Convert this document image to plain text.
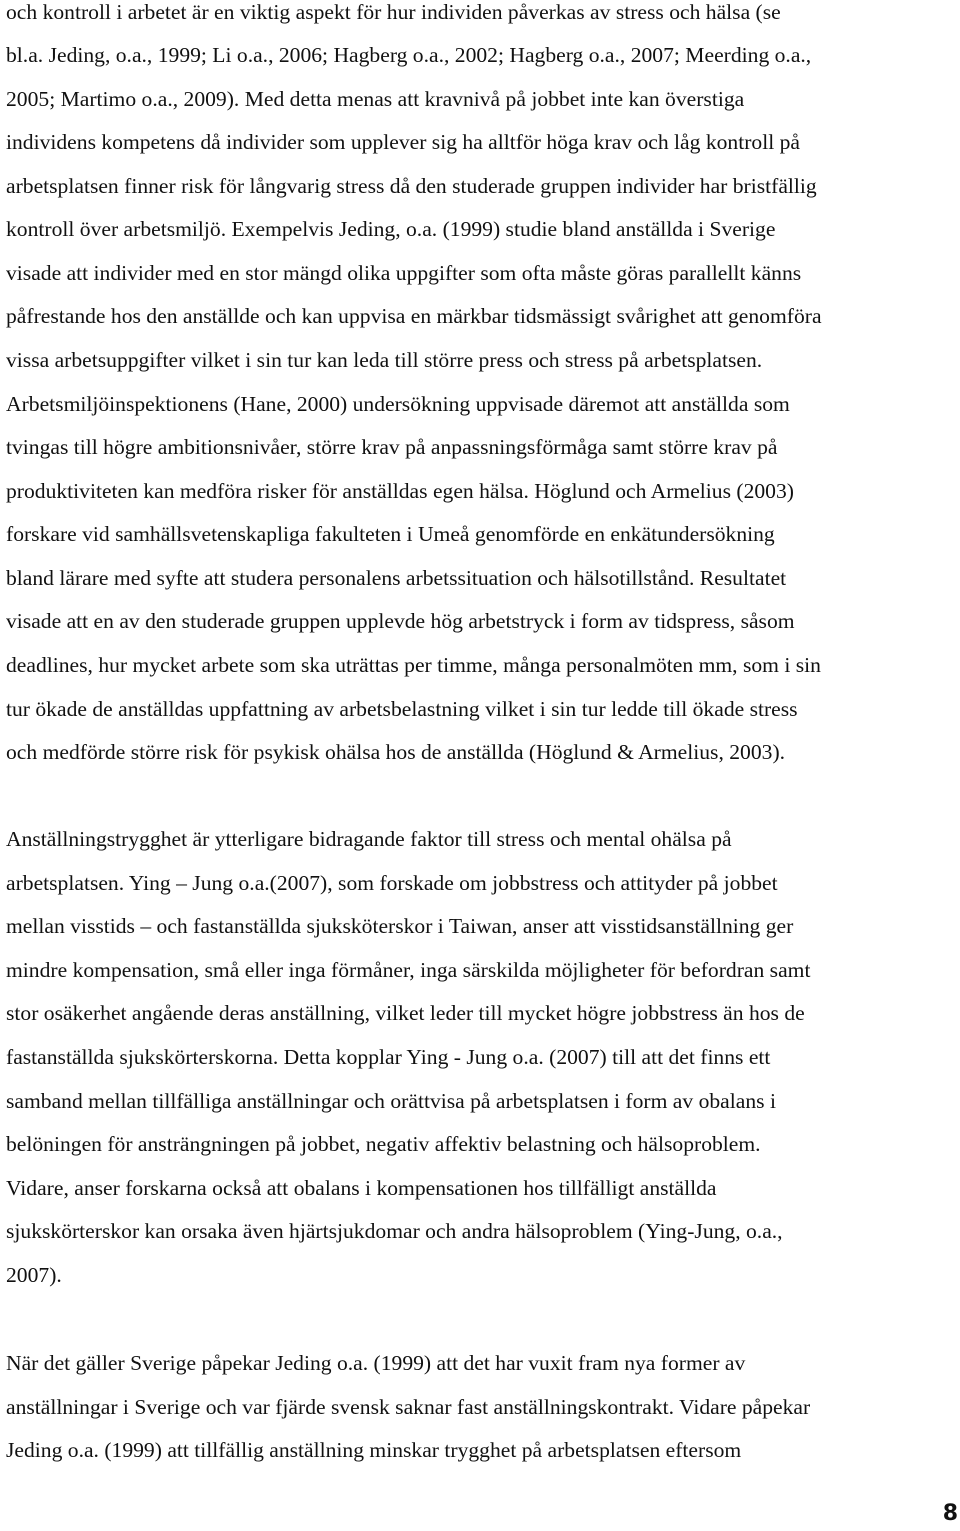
och kontroll i arbetet är en viktig aspekt för hur individen påverkas av stress och hälsa (se
bl.a. Jeding, o.a., 1999; Li o.a., 2006; Hagberg o.a., 2002; Hagberg o.a., 2007; Meerding o.a.,
2005; Martimo o.a., 2009). Med detta menas att kravnivå på jobbet inte kan överstiga
individens kompetens då individer som upplever sig ha alltför höga krav och låg kontroll på
arbetsplatsen finner risk för långvarig stress då den studerade gruppen individer har bristfällig
kontroll över arbetsmiljö. Exempelvis Jeding, o.a. (1999) studie bland anställda i Sverige
visade att individer med en stor mängd olika uppgifter som ofta måste göras parallellt känns
påfrestande hos den anställde och kan uppvisa en märkbar tidsmässigt svårighet att genomföra
vissa arbetsuppgifter vilket i sin tur kan leda till större press och stress på arbetsplatsen.
Arbetsmiljöinspektionens (Hane, 2000) undersökning uppvisade däremot att anställda som
tvingas till högre ambitionsnivåer, större krav på anpassningsförmåga samt större krav på
produktiviteten kan medföra risker för anställdas egen hälsa. Höglund och Armelius (2003)
forskare vid samhällsvetenskapliga fakulteten i Umeå genomförde en enkätundersökning
bland lärare med syfte att studera personalens arbetssituation och hälsotillstånd. Resultatet
visade att en av den studerade gruppen upplevde hög arbetstryck i form av tidspress, såsom
deadlines, hur mycket arbete som ska uträttas per timme, många personalmöten mm, som i sin
tur ökade de anställdas uppfattning av arbetsbelastning vilket i sin tur ledde till ökade stress
och medförde större risk för psykisk ohälsa hos de anställda (Höglund & Armelius, 2003).
Anställningstrygghet är ytterligare bidragande faktor till stress och mental ohälsa på
arbetsplatsen. Ying – Jung o.a.(2007), som forskade om jobbstress och attityder på jobbet
mellan visstids – och fastanställda sjuksköterskor i Taiwan, anser att visstidsanställning ger
mindre kompensation, små eller inga förmåner, inga särskilda möjligheter för befordran samt
stor osäkerhet angående deras anställning, vilket leder till mycket högre jobbstress än hos de
fastanställda sjukskörterskorna. Detta kopplar Ying - Jung o.a. (2007) till att det finns ett
samband mellan tillfälliga anställningar och orättvisa på arbetsplatsen i form av obalans i
belöningen för ansträngningen på jobbet, negativ affektiv belastning och hälsoproblem.
Vidare, anser forskarna också att obalans i kompensationen hos tillfälligt anställda
sjukskörterskor kan orsaka även hjärtsjukdomar och andra hälsoproblem (Ying-Jung, o.a.,
2007).
När det gäller Sverige påpekar Jeding o.a. (1999) att det har vuxit fram nya former av
anställningar i Sverige och var fjärde svensk saknar fast anställningskontrakt. Vidare påpekar
Jeding o.a. (1999) att tillfällig anställning minskar trygghet på arbetsplatsen eftersom
8
